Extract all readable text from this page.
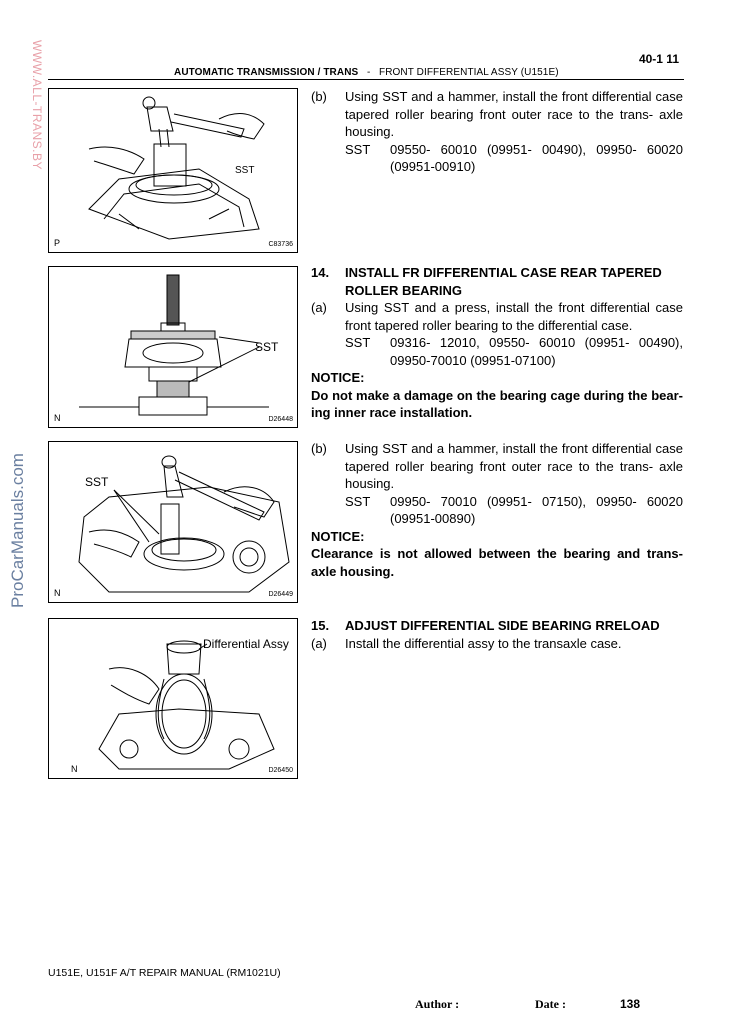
40-1 11
AUTOMATIC TRANSMISSION / TRANS - FRONT DIFFERENTIAL ASSY (U151E)
WWW.ALL-TRANS.BY
ProCarManuals.com
SST
P	C83736
SST
N	D26448
SST
N	D26449
Differential Assy
N	D26450
(b)	Using SST and a hammer, install the front differential case tapered roller bearing front outer race to the trans- axle housing.
SST	09550- 60010 (09951- 00490), 09950- 60020 (09951-00910)
14.	INSTALL FR DIFFERENTIAL CASE REAR TAPERED ROLLER BEARING
(a)	Using SST and a press, install the front differential case front tapered roller bearing to the differential case.
SST	09316- 12010, 09550- 60010 (09951- 00490), 09950-70010 (09951-07100)
NOTICE:
Do not make a damage on the bearing cage during the bear- ing inner race installation.
(b)	Using SST and a hammer, install the front differential case tapered roller bearing front outer race to the trans- axle housing.
SST	09950- 70010 (09951- 07150), 09950- 60020 (09951-00890)
NOTICE:
Clearance is not allowed between the bearing and trans- axle housing.
15.	ADJUST DIFFERENTIAL SIDE BEARING RRELOAD
(a)	Install the differential assy to the transaxle case.
U151E, U151F A/T REPAIR MANUAL (RM1021U)
Author :	Date :	138
